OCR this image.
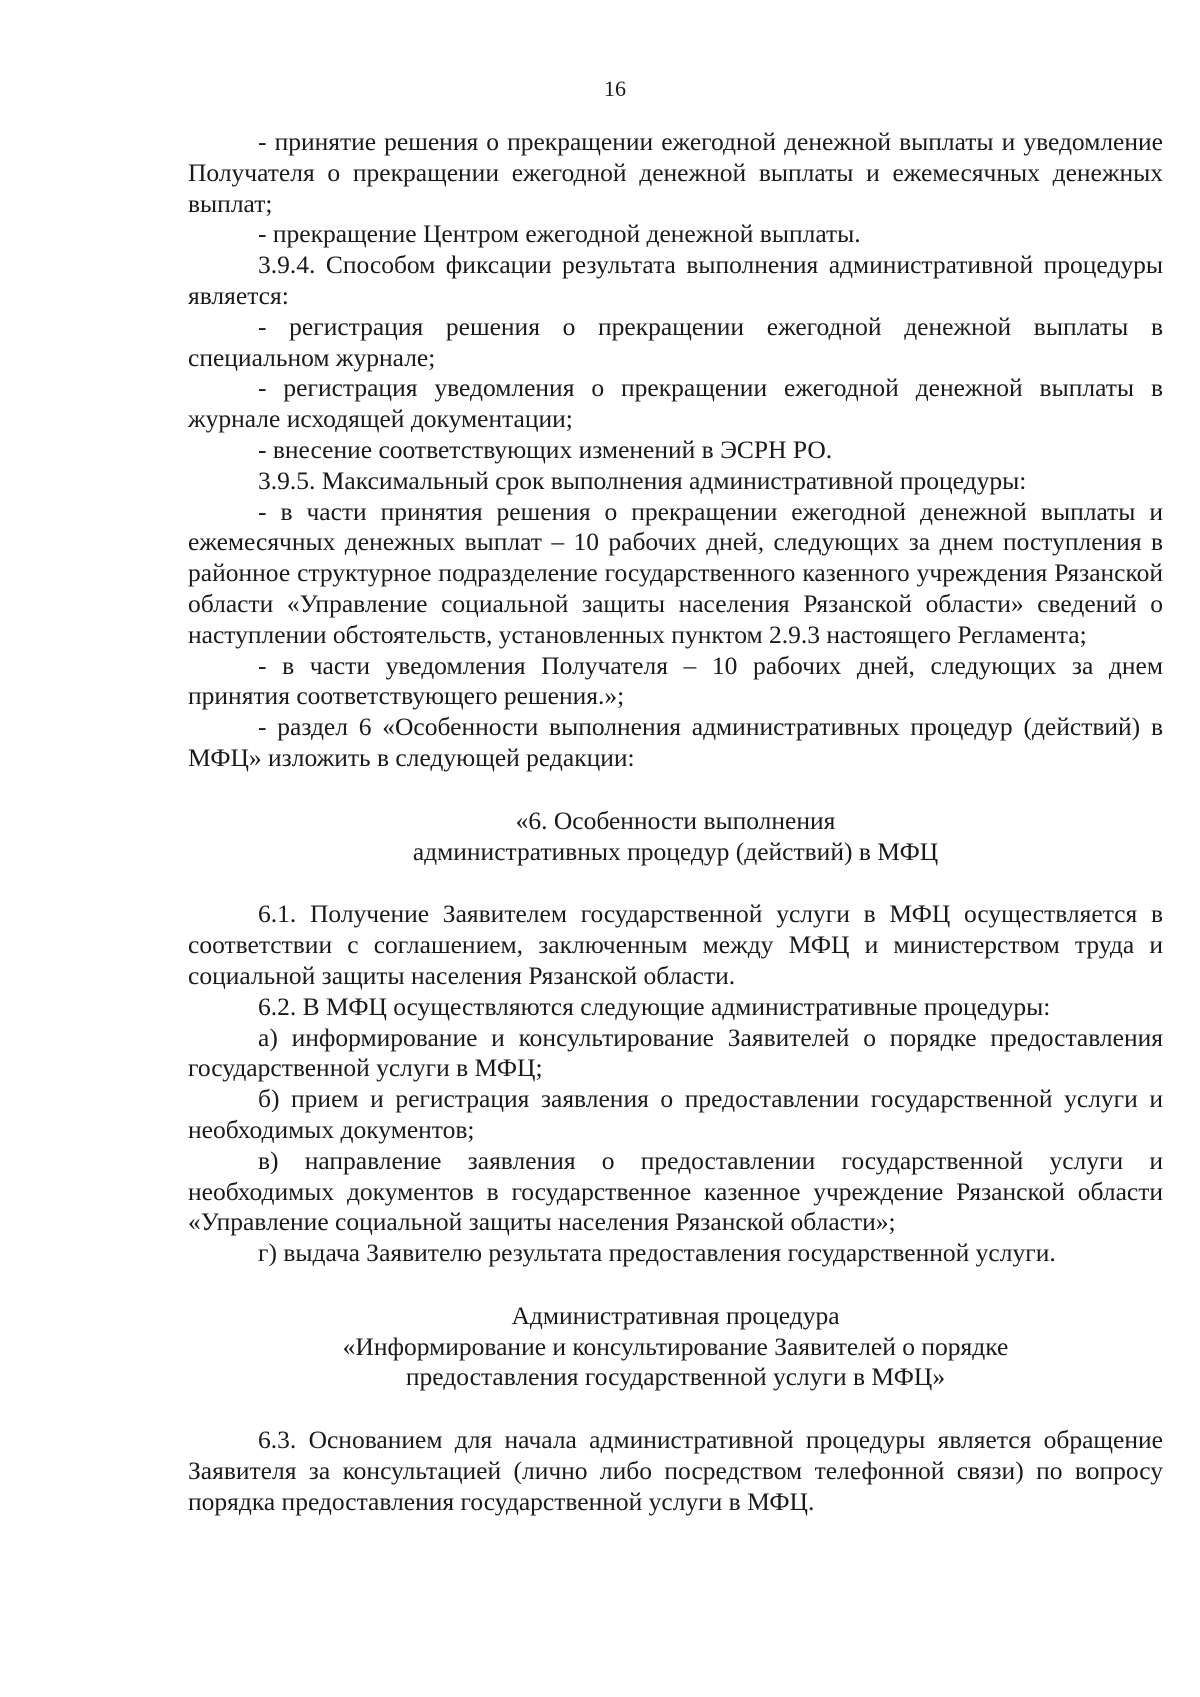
16

- принятие решения о прекращении ежегодной денежной выплаты и уведомление Получателя о прекращении ежегодной денежной выплаты и ежемесячных денежных выплат;

- прекращение Центром ежегодной денежной выплаты.

3.9.4. Способом фиксации результата выполнения административной процедуры является:

- регистрация решения о прекращении ежегодной денежной выплаты в специальном журнале;

- регистрация уведомления о прекращении ежегодной денежной выплаты в журнале исходящей документации;

- внесение соответствующих изменений в ЭСРН РО.

3.9.5. Максимальный срок выполнения административной процедуры:

- в части принятия решения о прекращении ежегодной денежной выплаты и ежемесячных денежных выплат – 10 рабочих дней, следующих за днем поступления в районное структурное подразделение государственного казенного учреждения Рязанской области «Управление социальной защиты населения Рязанской области» сведений о наступлении обстоятельств, установленных пунктом 2.9.3 настоящего Регламента;

- в части уведомления Получателя – 10 рабочих дней, следующих за днем принятия соответствующего решения.»;

- раздел 6 «Особенности выполнения административных процедур (действий) в МФЦ» изложить в следующей редакции:

«6. Особенности выполнения

административных процедур (действий) в МФЦ

6.1. Получение Заявителем государственной услуги в МФЦ осуществляется в соответствии с соглашением, заключенным между МФЦ и министерством труда и социальной защиты населения Рязанской области.

6.2. В МФЦ осуществляются следующие административные процедуры:

а) информирование и консультирование Заявителей о порядке предоставления государственной услуги в МФЦ;

б) прием и регистрация заявления о предоставлении государственной услуги и необходимых документов;

в) направление заявления о предоставлении государственной услуги и необходимых документов в государственное казенное учреждение Рязанской области «Управление социальной защиты населения Рязанской области»;

г) выдача Заявителю результата предоставления государственной услуги.

Административная процедура

«Информирование и консультирование Заявителей о порядке

предоставления государственной услуги в МФЦ»

6.3. Основанием для начала административной процедуры является обращение Заявителя за консультацией (лично либо посредством телефонной связи) по вопросу порядка предоставления государственной услуги в МФЦ.
